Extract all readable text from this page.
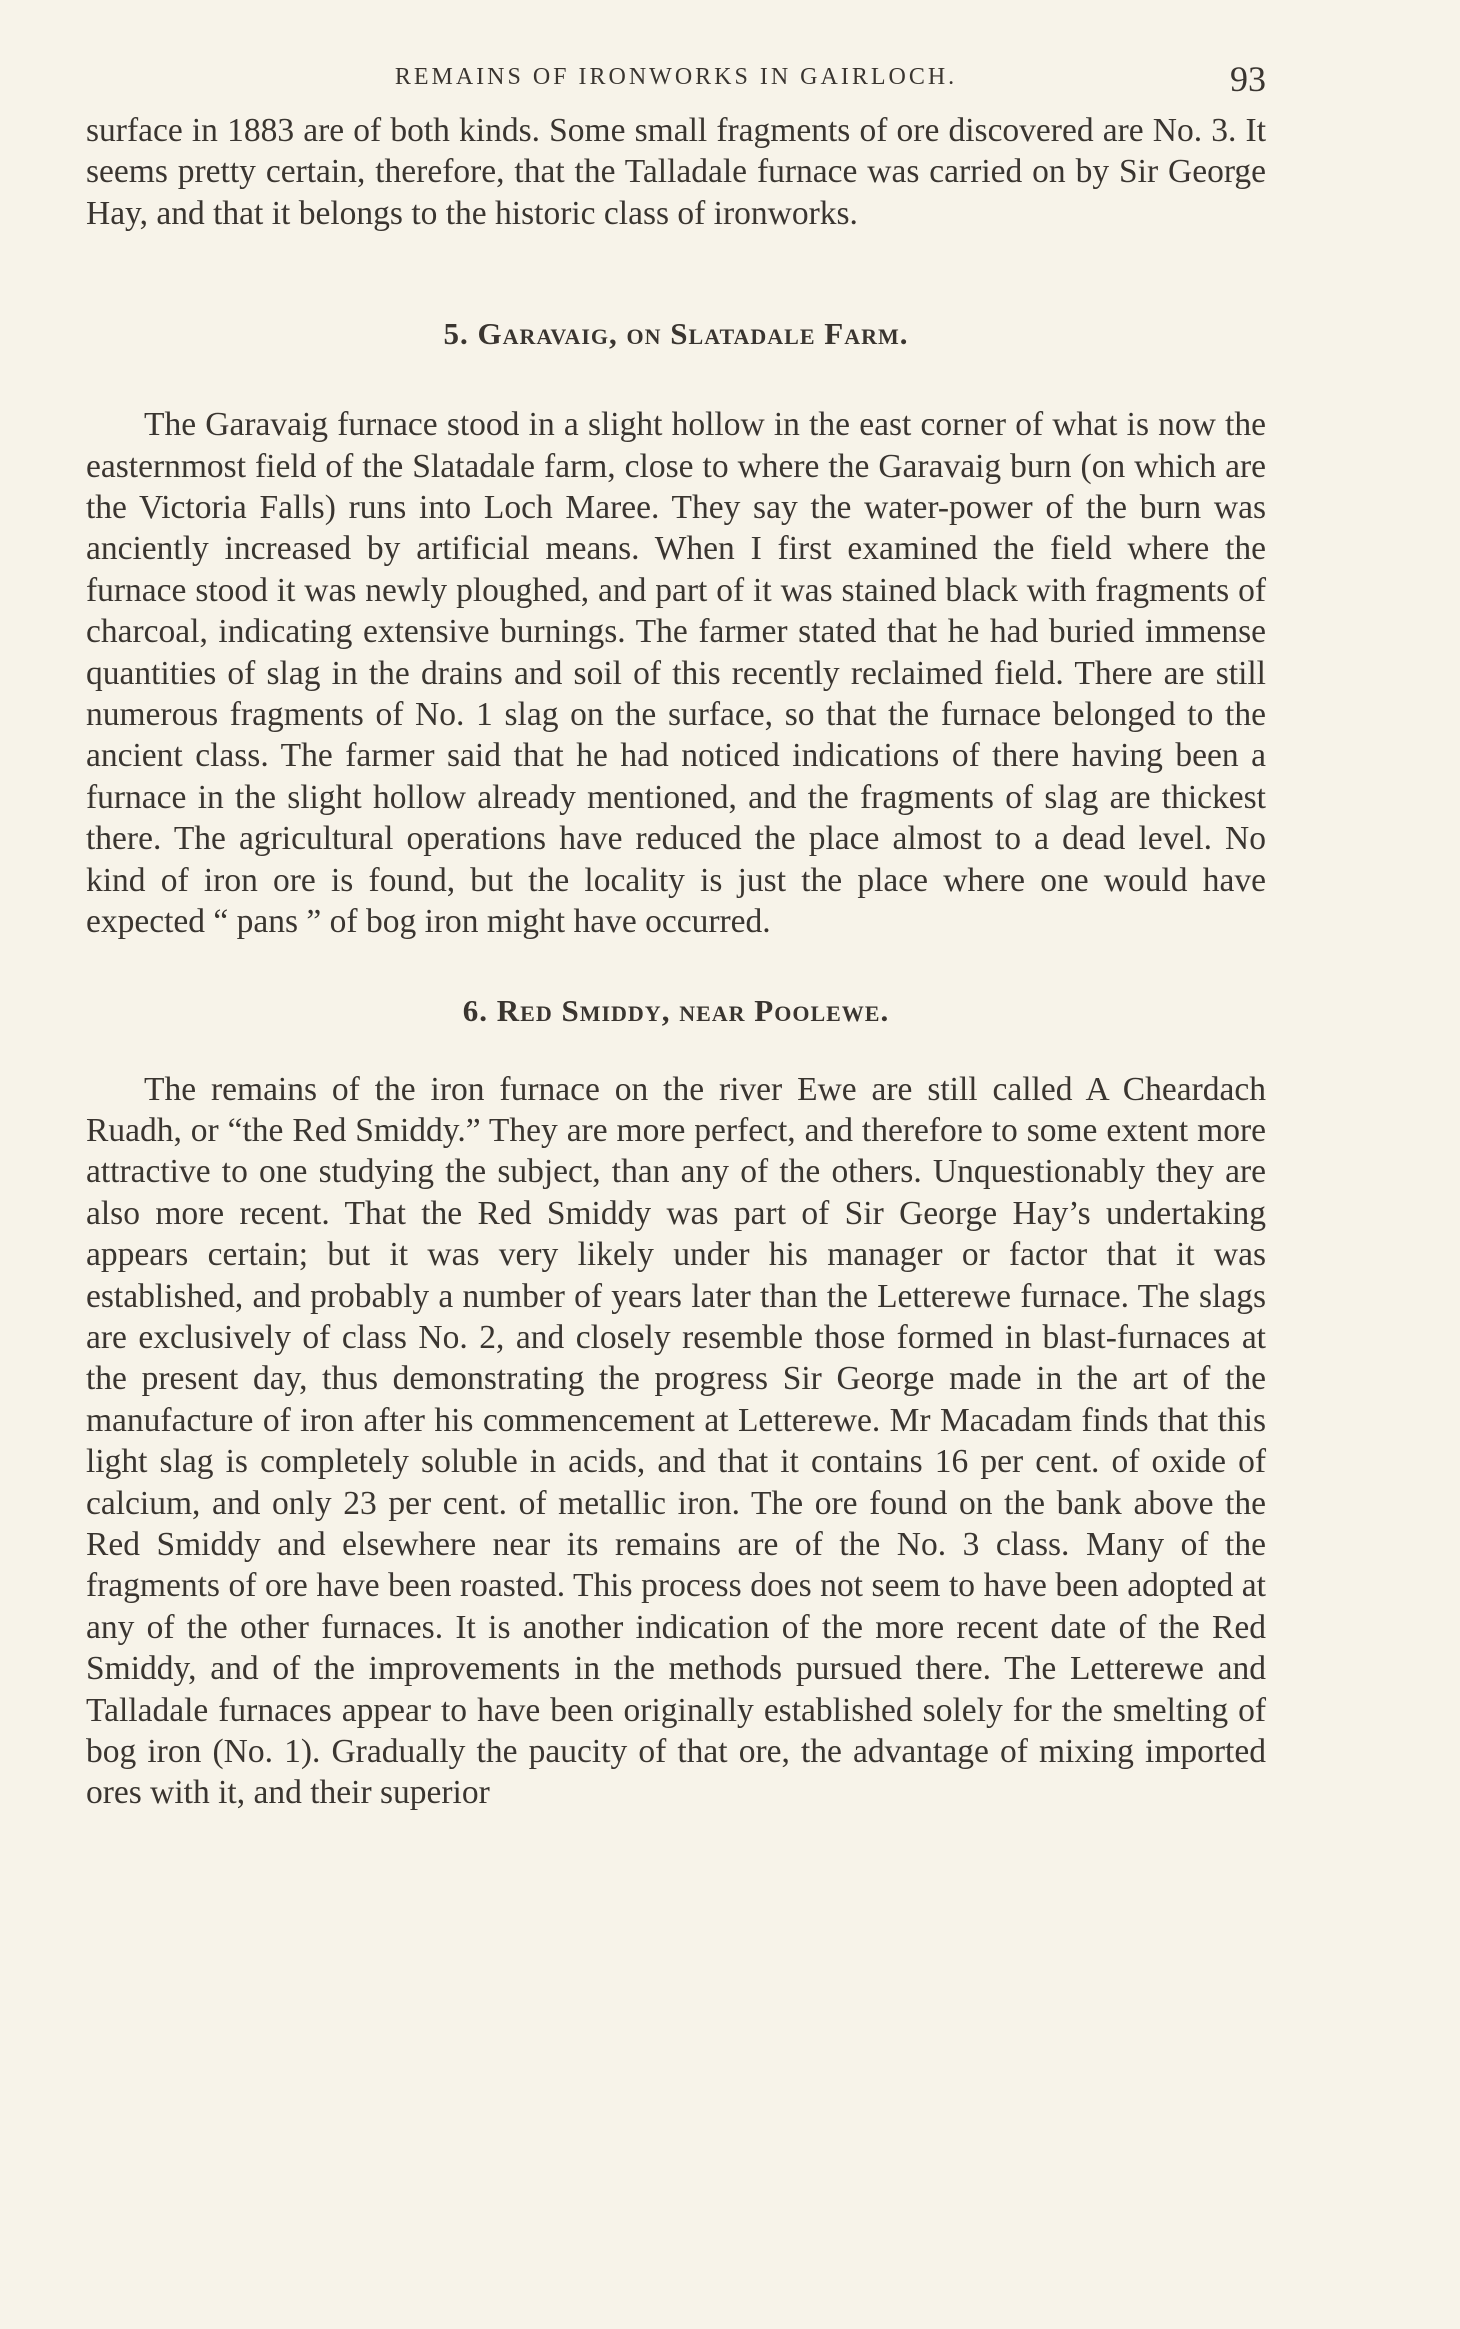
REMAINS OF IRONWORKS IN GAIRLOCH.	93

surface in 1883 are of both kinds. Some small fragments of ore discovered are No. 3. It seems pretty certain, therefore, that the Talladale furnace was carried on by Sir George Hay, and that it belongs to the historic class of ironworks.

5. Garavaig, on Slatadale Farm.

The Garavaig furnace stood in a slight hollow in the east corner of what is now the easternmost field of the Slatadale farm, close to where the Garavaig burn (on which are the Victoria Falls) runs into Loch Maree. They say the water-power of the burn was anciently increased by artificial means. When I first examined the field where the furnace stood it was newly ploughed, and part of it was stained black with fragments of charcoal, indicating extensive burnings. The farmer stated that he had buried immense quantities of slag in the drains and soil of this recently reclaimed field. There are still numerous fragments of No. 1 slag on the surface, so that the furnace belonged to the ancient class. The farmer said that he had noticed indications of there having been a furnace in the slight hollow already mentioned, and the fragments of slag are thickest there. The agricultural operations have reduced the place almost to a dead level. No kind of iron ore is found, but the locality is just the place where one would have expected “ pans ” of bog iron might have occurred.

6. Red Smiddy, near Poolewe.

The remains of the iron furnace on the river Ewe are still called A Cheardach Ruadh, or “the Red Smiddy.” They are more perfect, and therefore to some extent more attractive to one studying the subject, than any of the others. Unquestionably they are also more recent. That the Red Smiddy was part of Sir George Hay’s undertaking appears certain; but it was very likely under his manager or factor that it was established, and probably a number of years later than the Letterewe furnace. The slags are exclusively of class No. 2, and closely resemble those formed in blast-furnaces at the present day, thus demonstrating the progress Sir George made in the art of the manufacture of iron after his commencement at Letterewe. Mr Macadam finds that this light slag is completely soluble in acids, and that it contains 16 per cent. of oxide of calcium, and only 23 per cent. of metallic iron. The ore found on the bank above the Red Smiddy and elsewhere near its remains are of the No. 3 class. Many of the fragments of ore have been roasted. This process does not seem to have been adopted at any of the other furnaces. It is another indication of the more recent date of the Red Smiddy, and of the improvements in the methods pursued there. The Letterewe and Talladale furnaces appear to have been originally established solely for the smelting of bog iron (No. 1). Gradually the paucity of that ore, the advantage of mixing imported ores with it, and their superior
